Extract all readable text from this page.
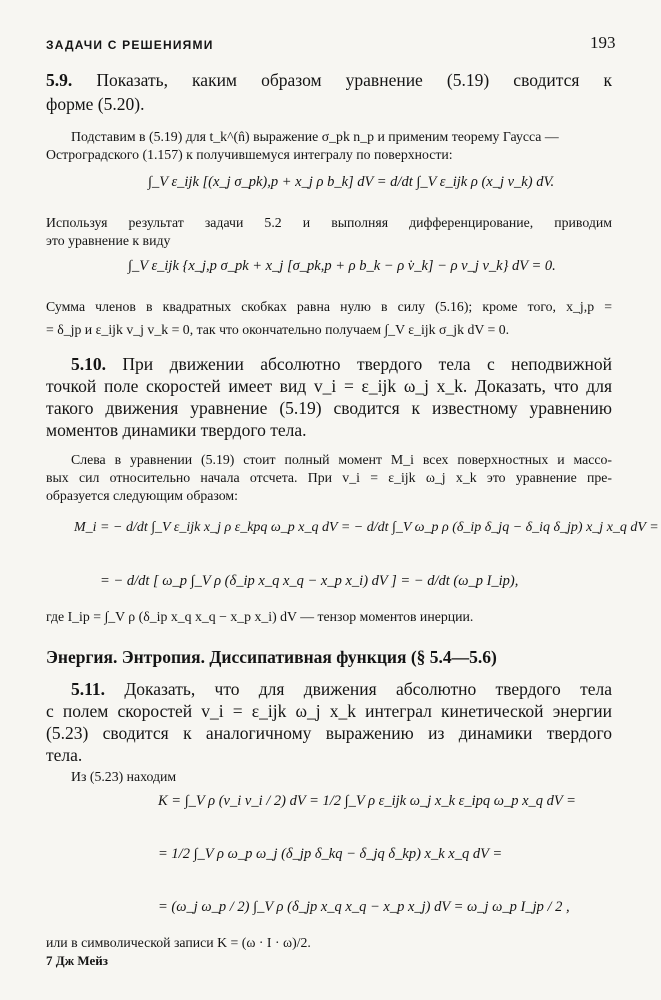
ЗАДАЧИ С РЕШЕНИЯМИ	193
5.9. Показать, каким образом уравнение (5.19) сводится к
форме (5.20).
Подставим в (5.19) для t_k^(n̂) выражение σ_pk n_p и применим теорему Гаусса —
Остроградского (1.157) к получившемуся интегралу по поверхности:
∫_V ε_ijk [(x_j σ_pk),p + x_j ρ b_k] dV = d/dt ∫_V ε_ijk ρ (x_j v_k) dV.
Используя результат задачи 5.2 и выполняя дифференцирование, приводим
это уравнение к виду
∫_V ε_ijk {x_j,p σ_pk + x_j [σ_pk,p + ρ b_k − ρ v̇_k] − ρ v_j v_k} dV = 0.
Сумма членов в квадратных скобках равна нулю в силу (5.16); кроме того, x_j,p =
= δ_jp и ε_ijk v_j v_k = 0, так что окончательно получаем ∫_V ε_ijk σ_jk dV = 0.
5.10. При движении абсолютно твердого тела с неподвижной
точкой поле скоростей имеет вид v_i = ε_ijk ω_j x_k. Доказать, что для
такого движения уравнение (5.19) сводится к известному уравнению
моментов динамики твердого тела.
Слева в уравнении (5.19) стоит полный момент M_i всех поверхностных и массо-
вых сил относительно начала отсчета. При v_i = ε_ijk ω_j x_k это уравнение пре-
образуется следующим образом:
M_i = − d/dt ∫_V ε_ijk x_j ρ ε_kpq ω_p x_q dV = − d/dt ∫_V ω_p ρ (δ_ip δ_jq − δ_iq δ_jp) x_j x_q dV =
= − d/dt [ ω_p ∫_V ρ (δ_ip x_q x_q − x_p x_i) dV ] = − d/dt (ω_p I_ip),
где I_ip = ∫_V ρ (δ_ip x_q x_q − x_p x_i) dV — тензор моментов инерции.
Энергия. Энтропия. Диссипативная функция (§ 5.4—5.6)
5.11. Доказать, что для движения абсолютно твердого тела
с полем скоростей v_i = ε_ijk ω_j x_k интеграл кинетической энергии
(5.23) сводится к аналогичному выражению из динамики твердого
тела.
Из (5.23) находим
K = ∫_V ρ (v_i v_i / 2) dV = 1/2 ∫_V ρ ε_ijk ω_j x_k ε_ipq ω_p x_q dV =
= 1/2 ∫_V ρ ω_p ω_j (δ_jp δ_kq − δ_jq δ_kp) x_k x_q dV =
= (ω_j ω_p / 2) ∫_V ρ (δ_jp x_q x_q − x_p x_j) dV = ω_j ω_p I_jp / 2 ,
или в символической записи K = (ω · I · ω)/2.
7 Дж Мейз
